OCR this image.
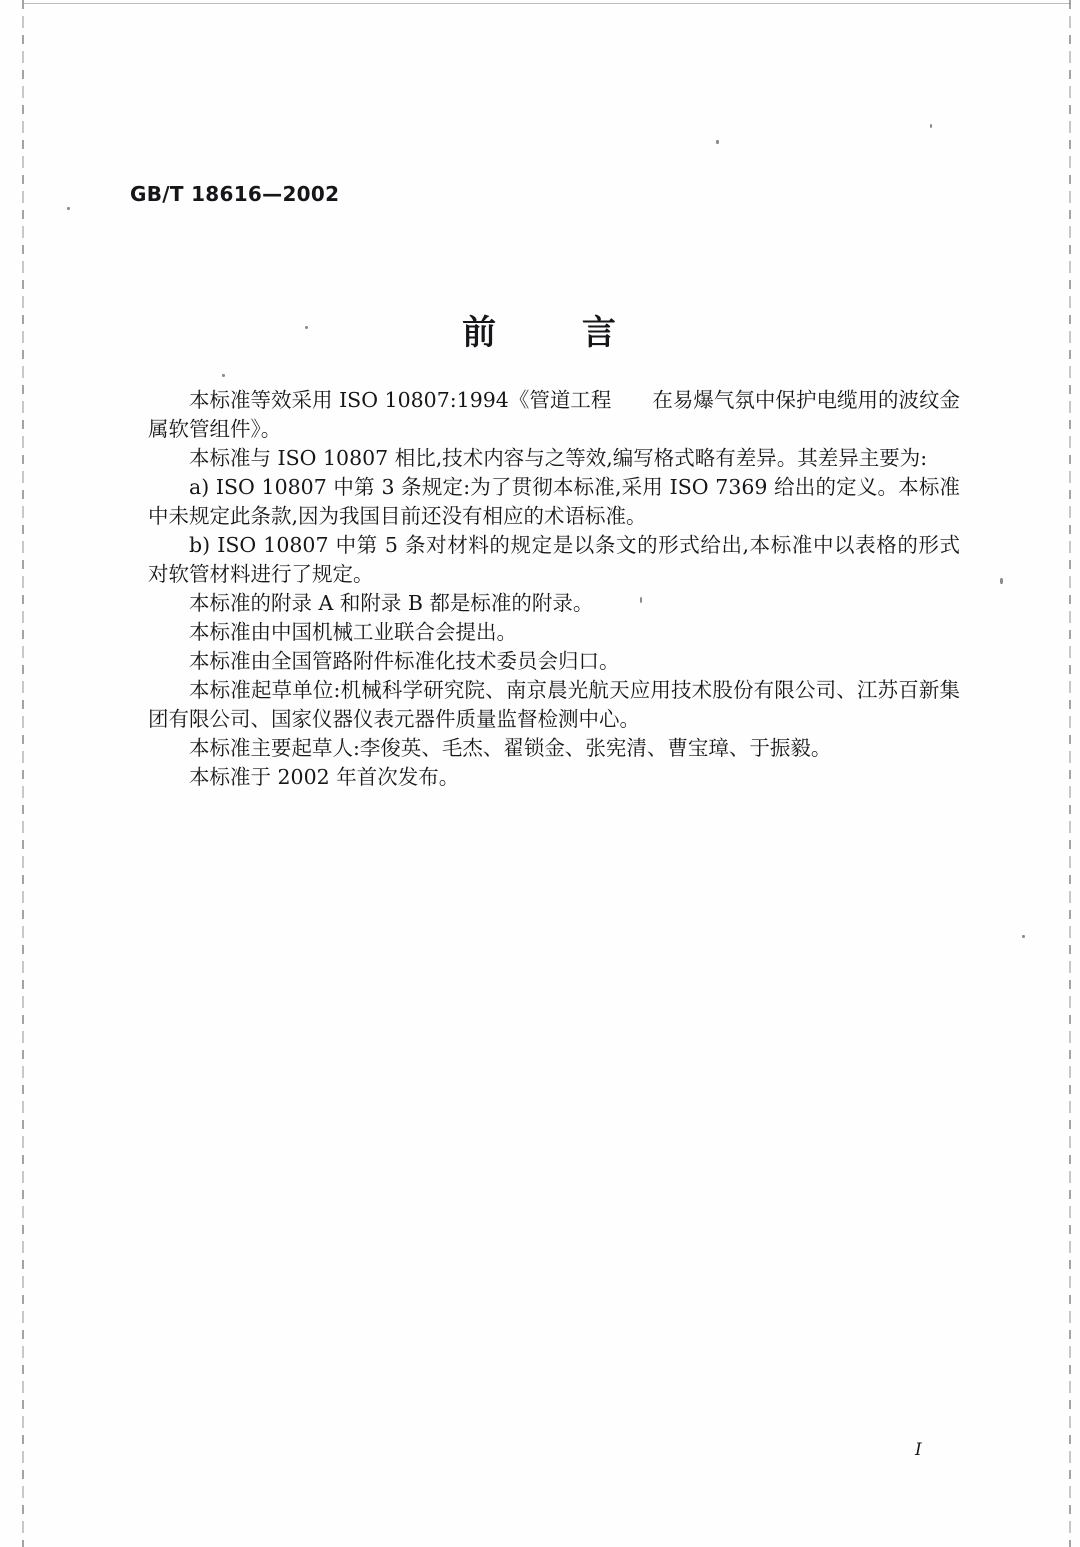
GB/T 18616—2002
前 言

本标准等效采用 ISO 10807:1994《管道工程　　在易爆气氛中保护电缆用的波纹金属软管组件》。

本标准与 ISO 10807 相比,技术内容与之等效,编写格式略有差异。其差异主要为:

a) ISO 10807 中第 3 条规定:为了贯彻本标准,采用 ISO 7369 给出的定义。本标准中未规定此条款,因为我国目前还没有相应的术语标准。

b) ISO 10807 中第 5 条对材料的规定是以条文的形式给出,本标准中以表格的形式对软管材料进行了规定。

本标准的附录 A 和附录 B 都是标准的附录。

本标准由中国机械工业联合会提出。

本标准由全国管路附件标准化技术委员会归口。

本标准起草单位:机械科学研究院、南京晨光航天应用技术股份有限公司、江苏百新集团有限公司、国家仪器仪表元器件质量监督检测中心。

本标准主要起草人:李俊英、毛杰、翟锁金、张宪清、曹宝璋、于振毅。

本标准于 2002 年首次发布。

I
